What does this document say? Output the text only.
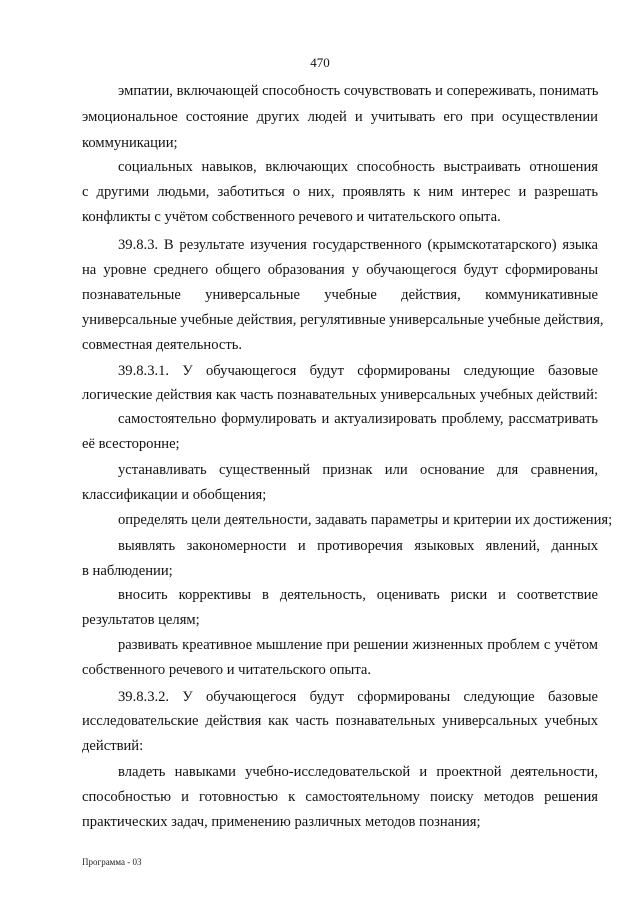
470

эмпатии, включающей способность сочувствовать и сопереживать, понимать

эмоциональное состояние других людей и учитывать его при осуществлении

коммуникации;

социальных навыков, включающих способность выстраивать отношения

с другими людьми, заботиться о них, проявлять к ним интерес и разрешать

конфликты с учётом собственного речевого и читательского опыта.

39.8.3. В результате изучения государственного (крымскотатарского) языка

на уровне среднего общего образования у обучающегося будут сформированы

познавательные универсальные учебные действия, коммуникативные

универсальные учебные действия, регулятивные универсальные учебные действия,

совместная деятельность.

39.8.3.1. У обучающегося будут сформированы следующие базовые

логические действия как часть познавательных универсальных учебных действий:

самостоятельно формулировать и актуализировать проблему, рассматривать

её всесторонне;

устанавливать существенный признак или основание для сравнения,

классификации и обобщения;

определять цели деятельности, задавать параметры и критерии их достижения;

выявлять закономерности и противоречия языковых явлений, данных

в наблюдении;

вносить коррективы в деятельность, оценивать риски и соответствие

результатов целям;

развивать креативное мышление при решении жизненных проблем с учётом

собственного речевого и читательского опыта.

39.8.3.2. У обучающегося будут сформированы следующие базовые

исследовательские действия как часть познавательных универсальных учебных

действий:

владеть навыками учебно-исследовательской и проектной деятельности,

способностью и готовностью к самостоятельному поиску методов решения

практических задач, применению различных методов познания;

Программа - 03
